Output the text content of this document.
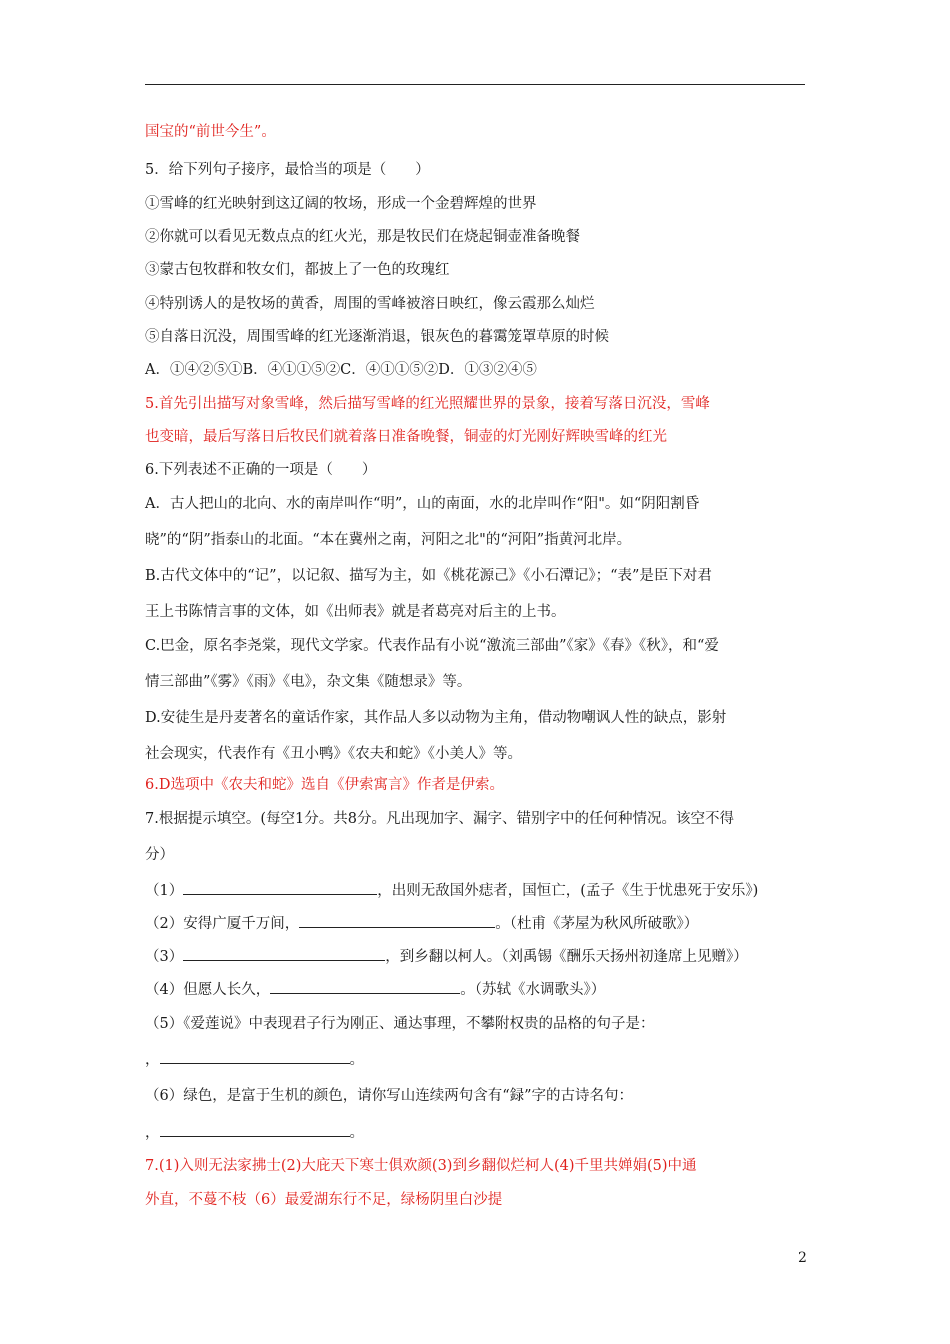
国宝的“前世今生”。
5．给下列句子接序，最恰当的项是（　　）
①雪峰的红光映射到这辽阔的牧场，形成一个金碧辉煌的世界
②你就可以看见无数点点的红火光，那是牧民们在烧起铜壶准备晚餐
③蒙古包牧群和牧女们，都披上了一色的玫瑰红
④特别诱人的是牧场的黄香，周围的雪峰被溶日映红，像云霞那么灿烂
⑤自落日沉没，周围雪峰的红光逐渐消退，银灰色的暮霭笼罩草原的时候
A．①④②⑤①B．④①①⑤②C．④①①⑤②D．①③②④⑤
5.首先引出描写对象雪峰，然后描写雪峰的红光照耀世界的景象，接着写落日沉没，雪峰
也变暗，最后写落日后牧民们就着落日准备晚餐，铜壶的灯光刚好辉映雪峰的红光
6.下列表述不正确的一项是（　　）
A．古人把山的北向、水的南岸叫作“明”，山的南面，水的北岸叫作“阳"。如“阴阳割昏
晓”的“阴”指泰山的北面。“本在冀州之南，河阳之北"的“河阳”指黄河北岸。
B.古代文体中的“记”，以记叙、描写为主，如《桃花源己》《小石潭记》；“表”是臣下对君
王上书陈情言事的文体，如《出师表》就是者葛亮对后主的上书。
C.巴金，原名李尧棠，现代文学家。代表作品有小说“激流三部曲”《家》《春》《秋》，和“爱
情三部曲”《雾》《雨》《电》，杂文集《随想录》等。
D.安徒生是丹麦著名的童话作家，其作品人多以动物为主角，借动物嘲讽人性的缺点，影射
社会现实，代表作有《丑小鸭》《农夫和蛇》《小美人》等。
6.D选项中《农夫和蛇》选自《伊索寓言》作者是伊索。
7.根据提示填空。(每空1分。共8分。凡出现加字、漏字、错别字中的任何种情况。该空不得
分）
（1）	，出则无敌国外痣者，国恒亡，(孟子《生于忧患死于安乐》)
（2）安得广厦千万间，	。（杜甫《茅屋为秋风所破歌》）
（3）	，到乡翻以柯人。（刘禹锡《酬乐天扬州初逢席上见赠》）
（4）但愿人长久，	。（苏轼《水调歌头》）
（5）《爱莲说》中表现君子行为刚正、通达事理，不攀附权贵的品格的句子是：
，	。
（6）绿色，是富于生机的颜色，请你写山连续两句含有“録”字的古诗名句：
，	。
7.(1)入则无法家拂士(2)大庇天下寒士俱欢颜(3)到乡翻似烂柯人(4)千里共婵娟(5)中通
外直，不蔓不枝（6）最爱湖东行不足，绿杨阴里白沙提
2
